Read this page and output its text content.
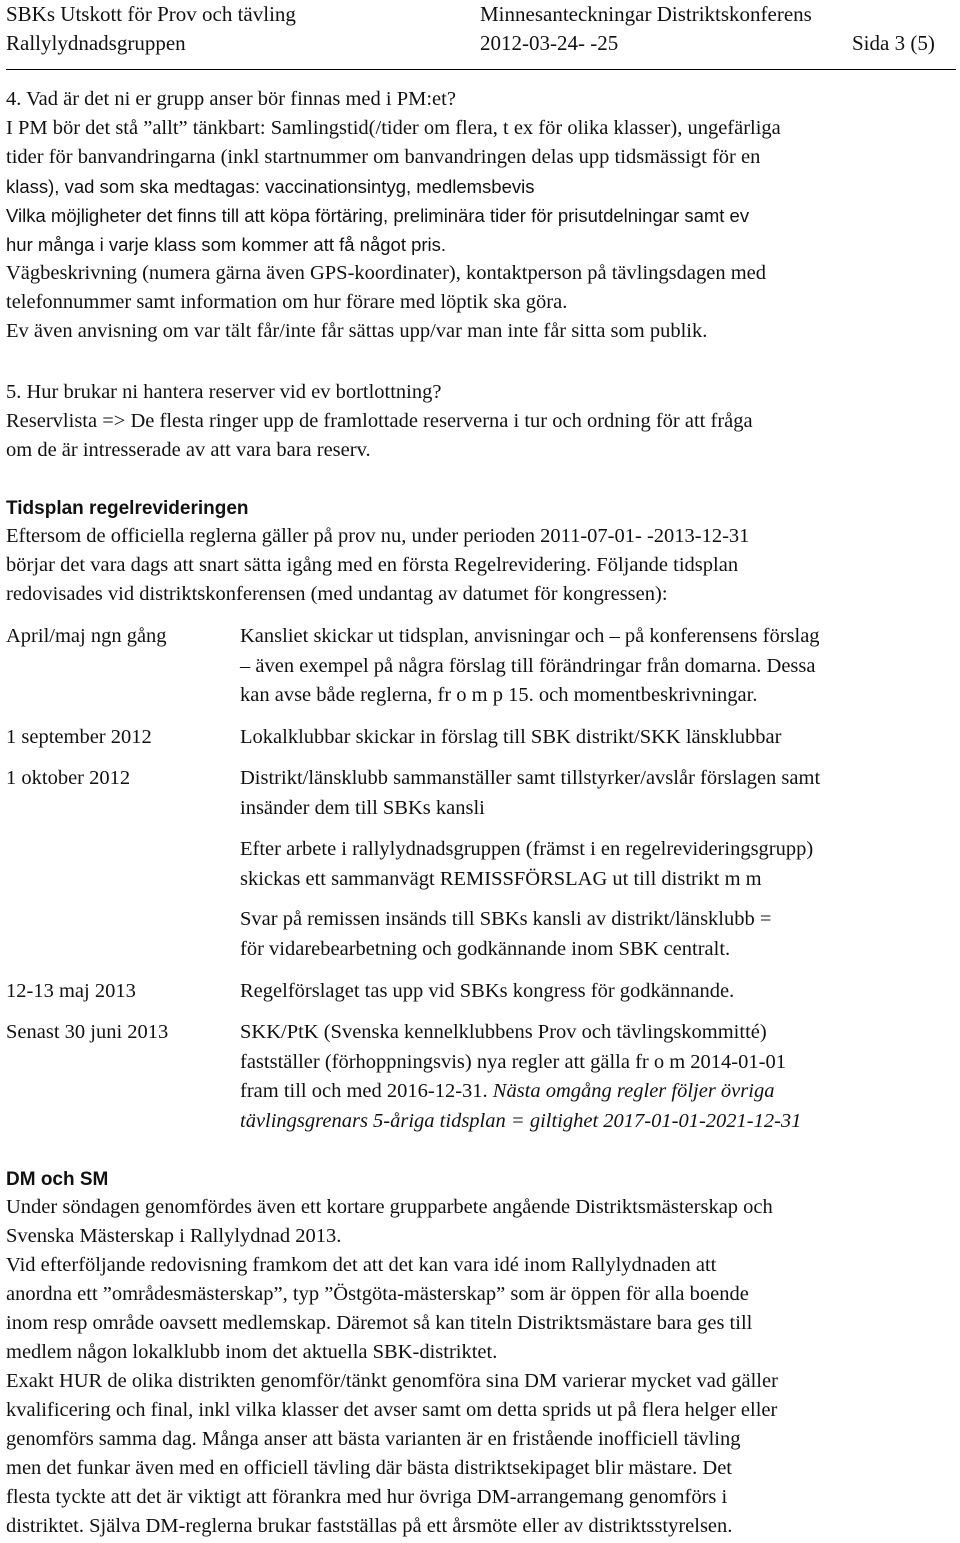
SBKs Utskott för Prov och tävling
Rallylydnadsgruppen
Minnesanteckningar Distriktskonferens
2012-03-24- -25	Sida 3 (5)
4. Vad är det ni er grupp anser bör finnas med i PM:et?
I PM bör det stå ”allt” tänkbart: Samlingstid(/tider om flera, t ex för olika klasser), ungefärliga
tider för banvandringarna (inkl startnummer om banvandringen delas upp tidsmässigt för en
klass), vad som ska medtagas: vaccinationsintyg, medlemsbevis
Vilka möjligheter det finns till att köpa förtäring, preliminära tider för prisutdelningar samt ev
hur många i varje klass som kommer att få något pris.
Vägbeskrivning (numera gärna även GPS-koordinater), kontaktperson på tävlingsdagen med
telefonnummer samt information om hur förare med löptik ska göra.
Ev även anvisning om var tält får/inte får sättas upp/var man inte får sitta som publik.
5. Hur brukar ni hantera reserver vid ev bortlottning?
Reservlista => De flesta ringer upp de framlottade reserverna i tur och ordning för att fråga
om de är intresserade av att vara bara reserv.
Tidsplan regelrevideringen
Eftersom de officiella reglerna gäller på prov nu, under perioden 2011-07-01- -2013-12-31
börjar det vara dags att snart sätta igång med en första Regelrevidering. Följande tidsplan
redovisades vid distriktskonferensen (med undantag av datumet för kongressen):
April/maj ngn gång	Kansliet skickar ut tidsplan, anvisningar och – på konferensens förslag
– även exempel på några förslag till förändringar från domarna. Dessa
kan avse både reglerna, fr o m p 15. och momentbeskrivningar.
1 september 2012	Lokalklubbar skickar in förslag till SBK distrikt/SKK länsklubbar
1 oktober 2012	Distrikt/länsklubb sammanställer samt tillstyrker/avslår förslagen samt
insänder dem till SBKs kansli
Efter arbete i rallylydnadsgruppen (främst i en regelrevideringsgrupp)
skickas ett sammanvägt REMISSFÖRSLAG ut till distrikt m m
Svar på remissen insänds till SBKs kansli av distrikt/länsklubb =
för vidarebearbetning och godkännande inom SBK centralt.
12-13 maj 2013	Regelförslaget tas upp vid SBKs kongress för godkännande.
Senast 30 juni 2013	SKK/PtK (Svenska kennelklubbens Prov och tävlingskommitté)
fastställer (förhoppningsvis) nya regler att gälla fr o m 2014-01-01
fram till och med 2016-12-31. Nästa omgång regler följer övriga
tävlingsgrenars 5-åriga tidsplan = giltighet 2017-01-01-2021-12-31
DM och SM
Under söndagen genomfördes även ett kortare grupparbete angående Distriktsmästerskap och
Svenska Mästerskap i Rallylydnad 2013.
Vid efterföljande redovisning framkom det att det kan vara idé inom Rallylydnaden att
anordna ett ”områdesmästerskap”, typ ”Östgöta-mästerskap” som är öppen för alla boende
inom resp område oavsett medlemskap. Däremot så kan titeln Distriktsmästare bara ges till
medlem någon lokalklubb inom det aktuella SBK-distriktet.
Exakt HUR de olika distrikten genomför/tänkt genomföra sina DM varierar mycket vad gäller
kvalificering och final, inkl vilka klasser det avser samt om detta sprids ut på flera helger eller
genomförs samma dag. Många anser att bästa varianten är en fristående inofficiell tävling
men det funkar även med en officiell tävling där bästa distriktsekipaget blir mästare. Det
flesta tyckte att det är viktigt att förankra med hur övriga DM-arrangemang genomförs i
distriktet. Själva DM-reglerna brukar fastställas på ett årsmöte eller av distriktsstyrelsen.
